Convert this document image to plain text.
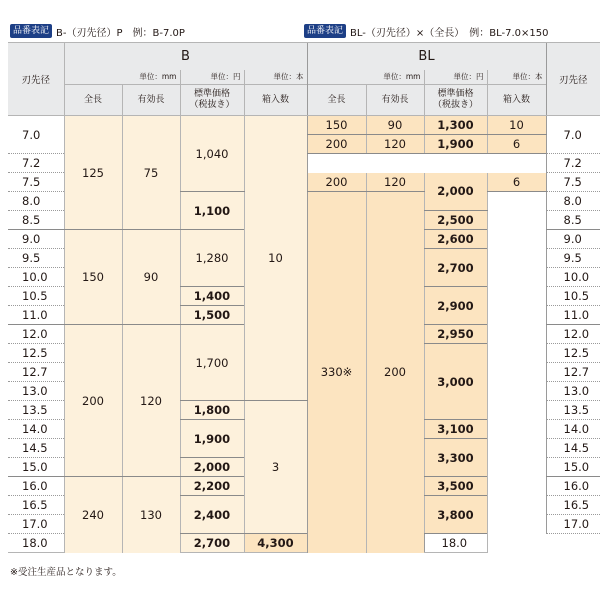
品番表記 B-（刃先径）P　例：B-7.0P	品番表記 BL-（刃先径）×（全長）　例：BL-7.0×150
刃先径	B				BL				刃先径
	単位：mm		単位：円	単位：本	単位：mm		単位：円	単位：本	
	全長	有効長	標準価格
（税抜き）	箱入数	全長	有効長	標準価格
（税抜き）	箱入数	
7.0	125	75	1,040	10	150	90	1,300	10	7.0
					200	120	1,900	6	
7.2									7.2
7.5					200	120	2,000	6	7.5
8.0			1,100		330※	200			8.0
8.5							2,500		8.5
9.0	150	90	1,280				2,600		9.0
9.5							2,700		9.5
10.0									10.0
10.5			1,400				2,900		10.5
11.0			1,500						11.0
12.0	200	120	1,700				2,950		12.0
12.5							3,000		12.5
12.7									12.7
13.0									13.0
13.5			1,800	3					13.5
14.0			1,900				3,100		14.0
14.5							3,300		14.5
15.0			2,000						15.0
16.0	240	130	2,200				3,500		16.0
16.5			2,400				3,800		16.5
17.0									17.0
18.0			2,700	4,300			18.0		
※受注生産品となります。
